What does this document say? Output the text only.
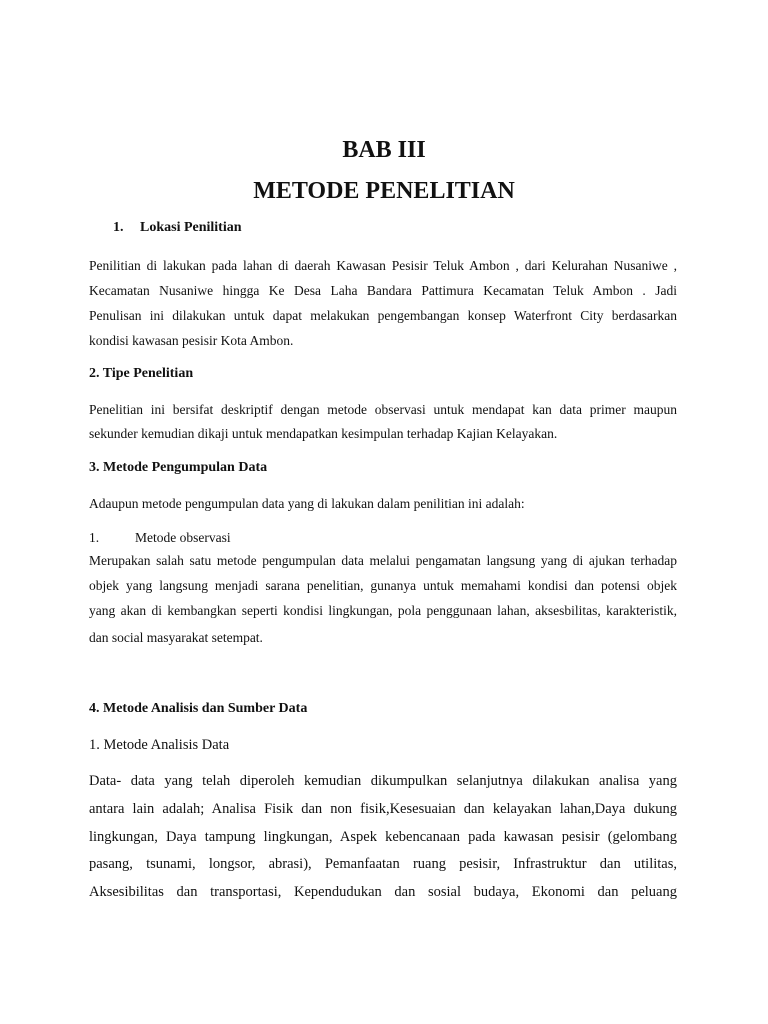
BAB III
METODE PENELITIAN
1. Lokasi Penilitian
Penilitian di lakukan pada lahan di daerah Kawasan Pesisir Teluk Ambon , dari Kelurahan Nusaniwe ,
Kecamatan Nusaniwe hingga Ke Desa Laha Bandara Pattimura Kecamatan Teluk Ambon . Jadi
Penulisan ini dilakukan untuk dapat melakukan pengembangan konsep Waterfront City berdasarkan
kondisi kawasan pesisir Kota Ambon.
2. Tipe Penelitian
Penelitian ini bersifat deskriptif dengan metode observasi untuk mendapat kan data primer maupun
sekunder kemudian dikaji untuk mendapatkan kesimpulan terhadap Kajian Kelayakan.
3. Metode Pengumpulan Data
Adaupun metode pengumpulan data yang di lakukan dalam penilitian ini adalah:
1.	Metode observasi
Merupakan salah satu metode pengumpulan data melalui pengamatan langsung yang di ajukan terhadap
objek yang langsung menjadi sarana penelitian, gunanya untuk memahami kondisi dan potensi objek
yang akan di kembangkan seperti kondisi lingkungan, pola penggunaan lahan, aksesbilitas, karakteristik,
dan social masyarakat setempat.
4. Metode Analisis dan Sumber Data
1. Metode Analisis Data
Data- data yang telah diperoleh kemudian dikumpulkan selanjutnya dilakukan analisa yang
antara lain adalah; Analisa Fisik dan non fisik,Kesesuaian dan kelayakan lahan,Daya dukung
lingkungan, Daya tampung lingkungan, Aspek kebencanaan pada kawasan pesisir (gelombang
pasang, tsunami, longsor, abrasi), Pemanfaatan ruang pesisir, Infrastruktur dan utilitas,
Aksesibilitas dan transportasi, Kependudukan dan sosial budaya, Ekonomi dan peluang
